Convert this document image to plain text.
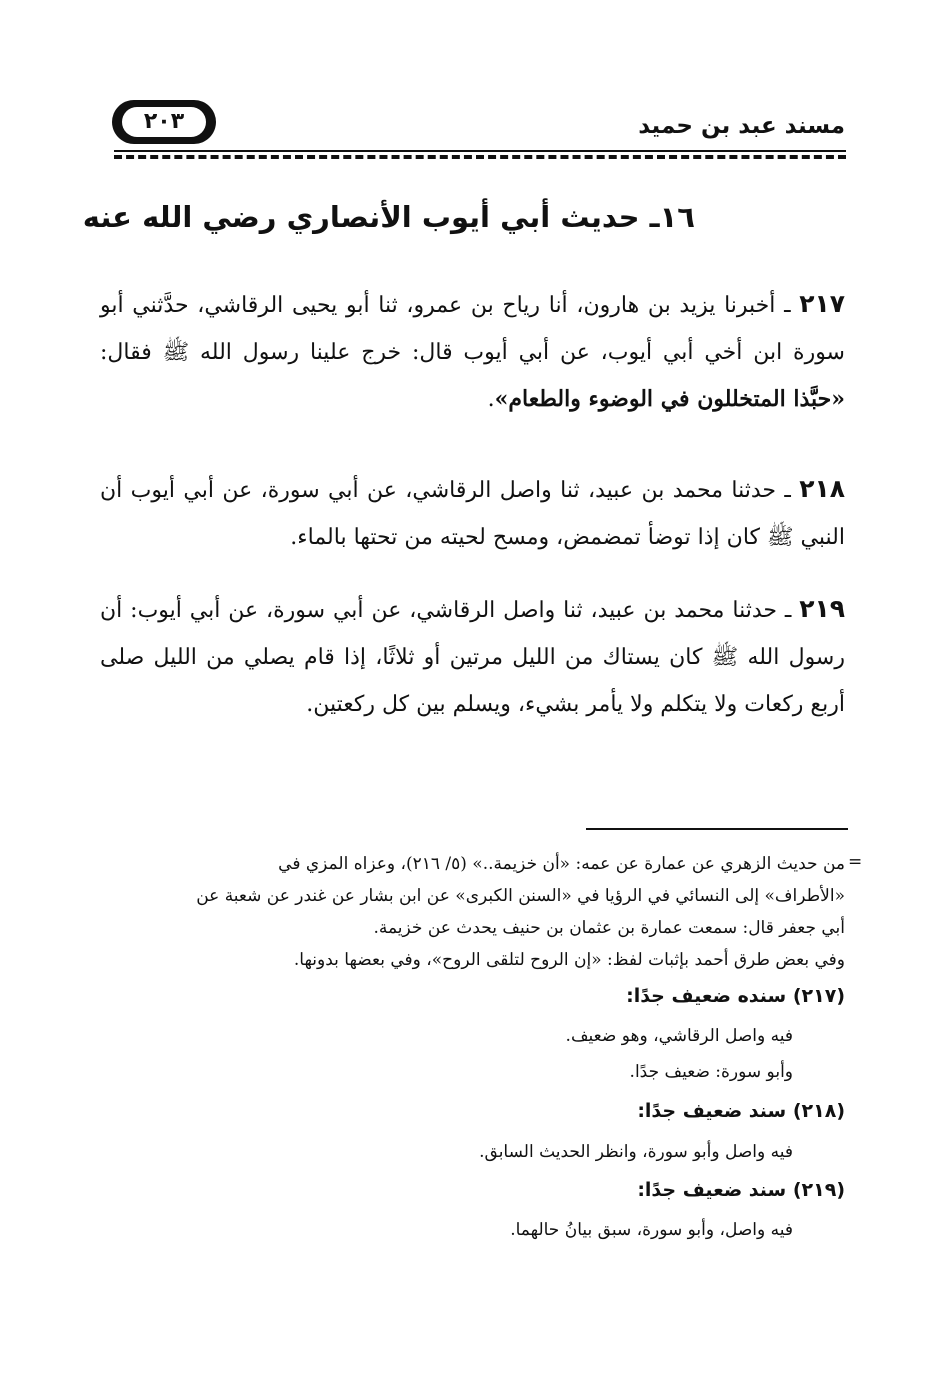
مسند عبد بن حميد
٢٠٣
١٦ـ حديث أبي أيوب الأنصاري رضي الله عنه
٢١٧ ـ أخبرنا يزيد بن هارون، أنا رياح بن عمرو، ثنا أبو يحيى الرقاشي، حدَّثني أبو سورة ابن أخي أبي أيوب، عن أبي أيوب قال: خرج علينا رسول الله ﷺ فقال: «حبَّذا المتخللون في الوضوء والطعام».
٢١٨ ـ حدثنا محمد بن عبيد، ثنا واصل الرقاشي، عن أبي سورة، عن أبي أيوب أن النبي ﷺ كان إذا توضأ تمضمض، ومسح لحيته من تحتها بالماء.
٢١٩ ـ حدثنا محمد بن عبيد، ثنا واصل الرقاشي، عن أبي سورة، عن أبي أيوب: أن رسول الله ﷺ كان يستاك من الليل مرتين أو ثلاثًا، إذا قام يصلي من الليل صلى أربع ركعات ولا يتكلم ولا يأمر بشيء، ويسلم بين كل ركعتين.
=
من حديث الزهري عن عمارة عن عمه: «أن خزيمة..» (٥/ ٢١٦)، وعزاه المزي في
«الأطراف» إلى النسائي في الرؤيا في «السنن الكبرى» عن ابن بشار عن غندر عن شعبة عن
أبي جعفر قال: سمعت عمارة بن عثمان بن حنيف يحدث عن خزيمة.
وفي بعض طرق أحمد بإثبات لفظ: «إن الروح لتلقى الروح»، وفي بعضها بدونها.
(٢١٧) سنده ضعيف جدًا:
فيه واصل الرقاشي، وهو ضعيف.
وأبو سورة: ضعيف جدًا.
(٢١٨) سند ضعيف جدًا:
فيه واصل وأبو سورة، وانظر الحديث السابق.
(٢١٩) سند ضعيف جدًا:
فيه واصل، وأبو سورة، سبق بيانُ حالهما.
